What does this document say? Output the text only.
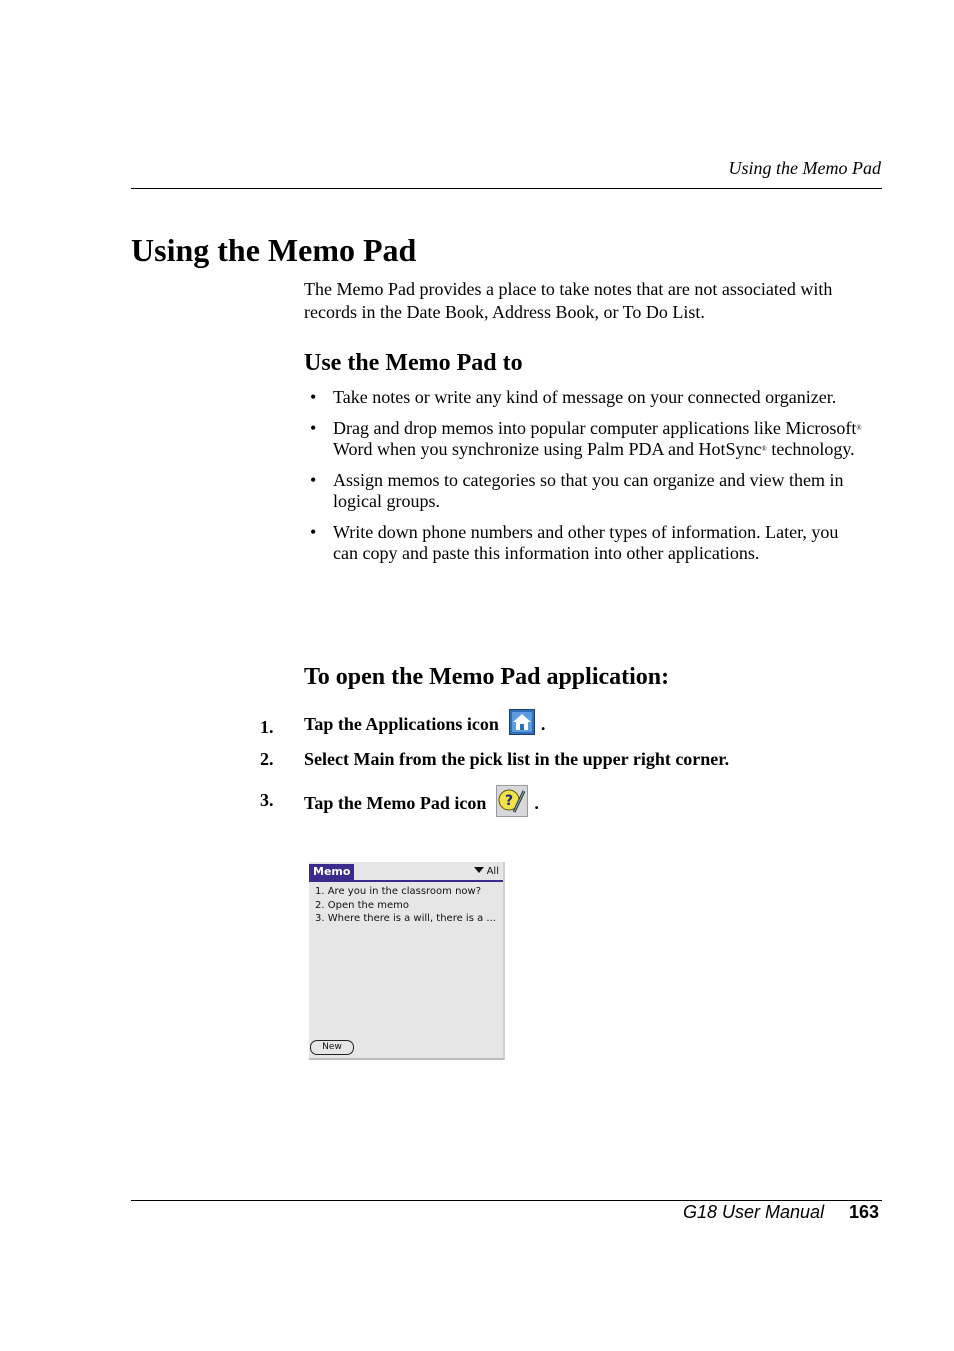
Using the Memo Pad
Using the Memo Pad
The Memo Pad provides a place to take notes that are not associated with records in the Date Book, Address Book, or To Do List.
Use the Memo Pad to
• Take notes or write any kind of message on your connected organizer.
• Drag and drop memos into popular computer applications like Microsoft® Word when you synchronize using Palm PDA and HotSync® technology.
• Assign memos to categories so that you can organize and view them in logical groups.
• Write down phone numbers and other types of information. Later, you can copy and paste this information into other applications.
To open the Memo Pad application:
1. Tap the Applications icon .
2. Select Main from the pick list in the upper right corner.
3. Tap the Memo Pad icon ? .
Memo	All
1. Are you in the classroom now?
2. Open the memo
3. Where there is a will, there is a ...
New
G18 User Manual 163
